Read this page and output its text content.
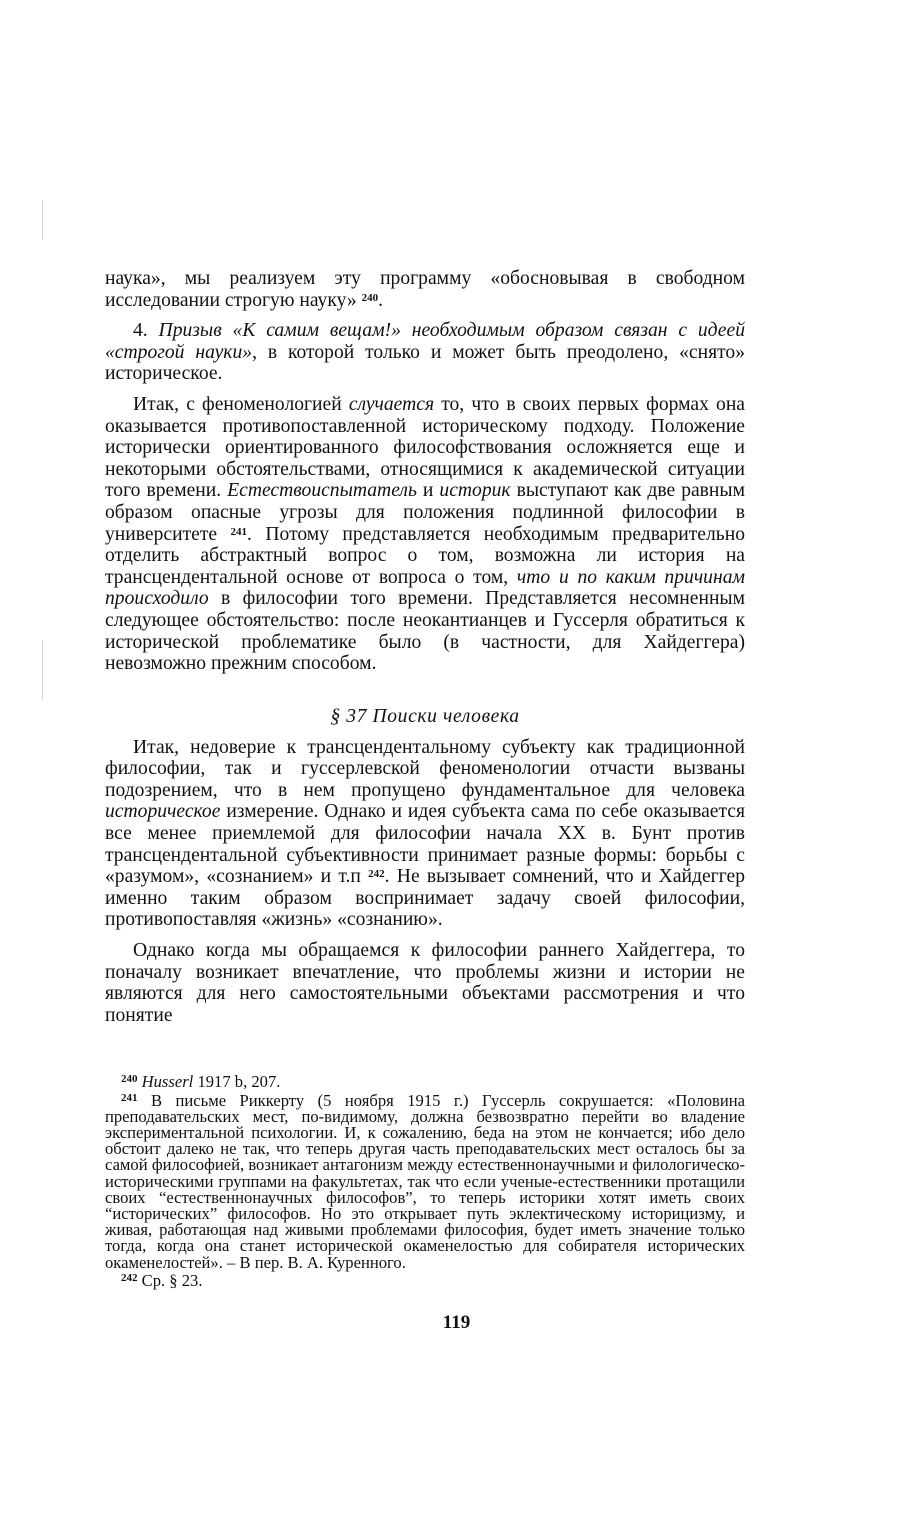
наука», мы реализуем эту программу «обосновывая в свободном исследовании строгую науку» $^{240}$.

4. Призыв «К самим вещам!» необходимым образом связан с идеей «строгой науки», в которой только и может быть преодолено, «снято» историческое.

Итак, с феноменологией случается то, что в своих первых формах она оказывается противопоставленной историческому подходу. Положение исторически ориентированного философствования осложняется еще и некоторыми обстоятельствами, относящимися к академической ситуации того времени. Естествоиспытатель и историк выступают как две равным образом опасные угрозы для положения подлинной философии в университете $^{241}$. Потому представляется необходимым предварительно отделить абстрактный вопрос о том, возможна ли история на трансцендентальной основе от вопроса о том, что и по каким причинам происходило в философии того времени. Представляется несомненным следующее обстоятельство: после неокантианцев и Гуссерля обратиться к исторической проблематике было (в частности, для Хайдеггера) невозможно прежним способом.

§ 37 Поиски человека

Итак, недоверие к трансцендентальному субъекту как традиционной философии, так и гуссерлевской феноменологии отчасти вызваны подозрением, что в нем пропущено фундаментальное для человека историческое измерение. Однако и идея субъекта сама по себе оказывается все менее приемлемой для философии начала XX в. Бунт против трансцендентальной субъективности принимает разные формы: борьбы с «разумом», «сознанием» и т.п $^{242}$. Не вызывает сомнений, что и Хайдеггер именно таким образом воспринимает задачу своей философии, противопоставляя «жизнь» «сознанию».

Однако когда мы обращаемся к философии раннего Хайдеггера, то поначалу возникает впечатление, что проблемы жизни и истории не являются для него самостоятельными объектами рассмотрения и что понятие

$^{240}$ Husserl 1917 b, 207.

$^{241}$ В письме Риккерту (5 ноября 1915 г.) Гуссерль сокрушается: «Половина преподавательских мест, по-видимому, должна безвозвратно перейти во владение экспериментальной психологии. И, к сожалению, беда на этом не кончается; ибо дело обстоит далеко не так, что теперь другая часть преподавательских мест осталось бы за самой философией, возникает антагонизм между естественнонаучными и филологическо-историческими группами на факультетах, так что если ученые-естественники протащили своих “естественнонаучных философов”, то теперь историки хотят иметь своих “исторических” философов. Но это открывает путь эклектическому историцизму, и живая, работающая над живыми проблемами философия, будет иметь значение только тогда, когда она станет исторической окаменелостью для собирателя исторических окаменелостей». – В пер. В. А. Куренного.

$^{242}$ Ср. § 23.

119
